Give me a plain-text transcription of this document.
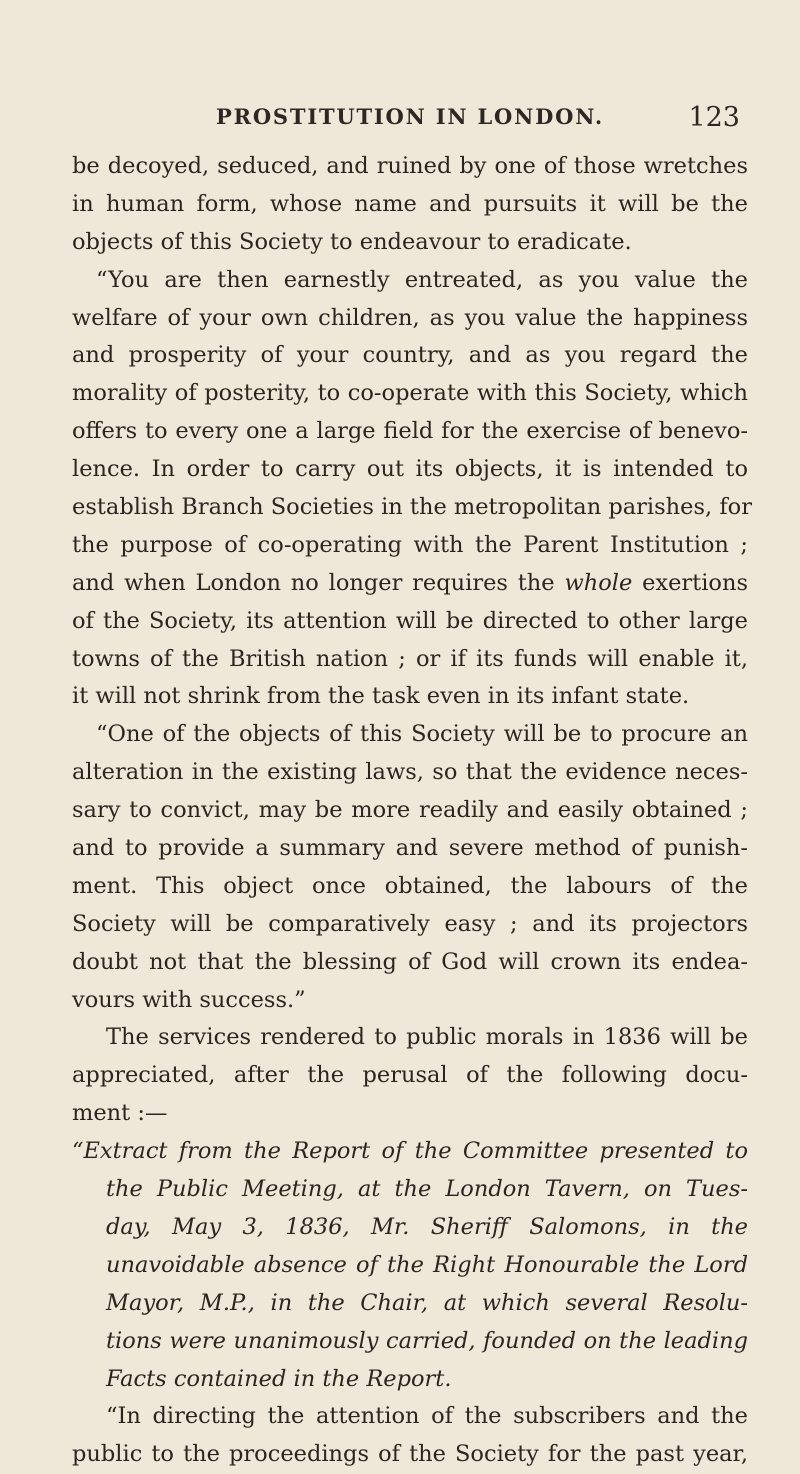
PROSTITUTION IN LONDON.	123
be decoyed, seduced, and ruined by one of those wretches
in human form, whose name and pursuits it will be the
objects of this Society to endeavour to eradicate.
“You are then earnestly entreated, as you value the
welfare of your own children, as you value the happiness
and prosperity of your country, and as you regard the
morality of posterity, to co-operate with this Society, which
offers to every one a large field for the exercise of benevo-
lence. In order to carry out its objects, it is intended to
establish Branch Societies in the metropolitan parishes, for
the purpose of co-operating with the Parent Institution ;
and when London no longer requires the whole exertions
of the Society, its attention will be directed to other large
towns of the British nation ; or if its funds will enable it,
it will not shrink from the task even in its infant state.
“One of the objects of this Society will be to procure an
alteration in the existing laws, so that the evidence neces-
sary to convict, may be more readily and easily obtained ;
and to provide a summary and severe method of punish-
ment. This object once obtained, the labours of the
Society will be comparatively easy ; and its projectors
doubt not that the blessing of God will crown its endea-
vours with success.”
The services rendered to public morals in 1836 will be
appreciated, after the perusal of the following docu-
ment :—
“Extract from the Report of the Committee presented to
the Public Meeting, at the London Tavern, on Tues-
day, May 3, 1836, Mr. Sheriff Salomons, in the
unavoidable absence of the Right Honourable the Lord
Mayor, M.P., in the Chair, at which several Resolu-
tions were unanimously carried, founded on the leading
Facts contained in the Report.
“In directing the attention of the subscribers and the
public to the proceedings of the Society for the past year,
